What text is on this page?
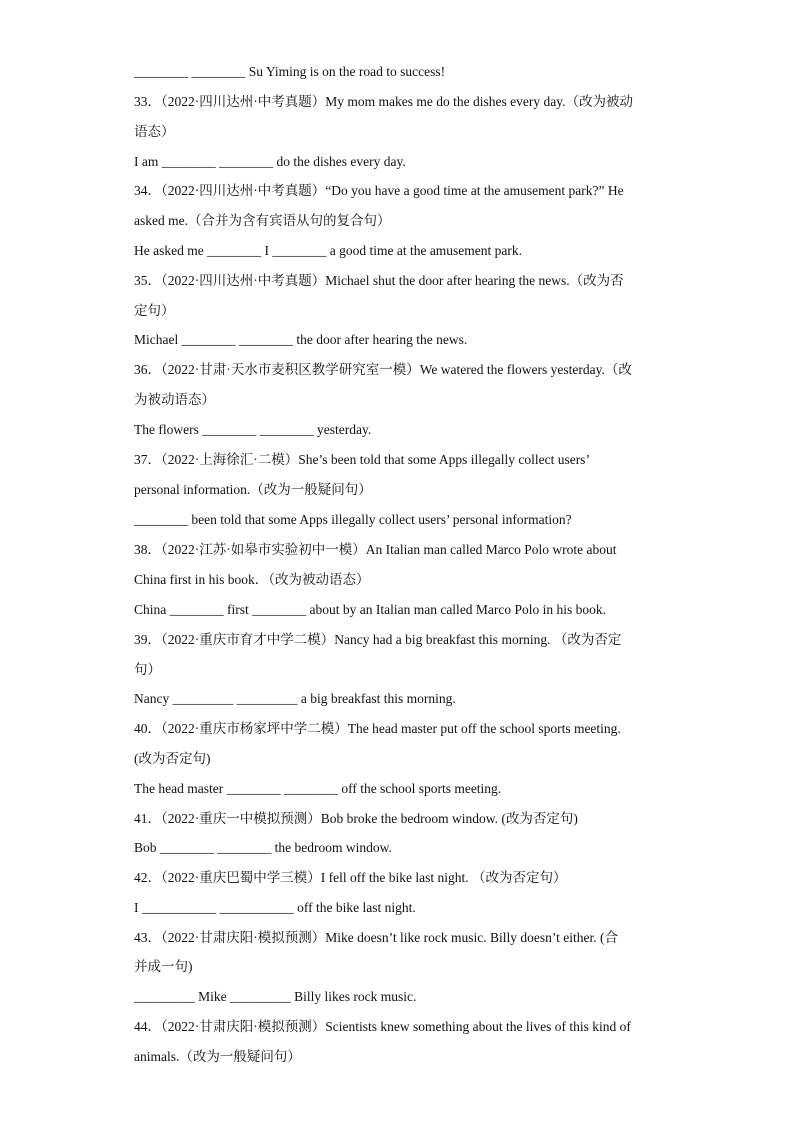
________ ________ Su Yiming is on the road to success!
33．（2022·四川达州·中考真题）My mom makes me do the dishes every day.（改为被动
语态）
I am ________ ________ do the dishes every day.
34．（2022·四川达州·中考真题）“Do you have a good time at the amusement park?” He
asked me.（合并为含有宾语从句的复合句）
He asked me ________ I ________ a good time at the amusement park.
35．（2022·四川达州·中考真题）Michael shut the door after hearing the news.（改为否
定句）
Michael ________ ________ the door after hearing the news.
36．（2022·甘肃·天水市麦积区教学研究室一模）We watered the flowers yesterday.（改
为被动语态）
The flowers ________ ________ yesterday.
37．（2022·上海徐汇·二模）She’s been told that some Apps illegally collect users’
personal information.（改为一般疑问句）
________ been told that some Apps illegally collect users’ personal information?
38．（2022·江苏·如皋市实验初中一模）An Italian man called Marco Polo wrote about
China first in his book．（改为被动语态）
China ________ first ________ about by an Italian man called Marco Polo in his book.
39．（2022·重庆市育才中学二模）Nancy had a big breakfast this morning. （改为否定
句）
Nancy _________ _________ a big breakfast this morning.
40．（2022·重庆市杨家坪中学二模）The head master put off the school sports meeting.
(改为否定句)
The head master ________ ________ off the school sports meeting.
41．（2022·重庆一中模拟预测）Bob broke the bedroom window. (改为否定句)
Bob ________ ________ the bedroom window.
42．（2022·重庆巴蜀中学三模）I fell off the bike last night. （改为否定句）
I ___________ ___________ off the bike last night.
43．（2022·甘肃庆阳·模拟预测）Mike doesn’t like rock music. Billy doesn’t either. (合
并成一句)
_________ Mike _________ Billy likes rock music.
44．（2022·甘肃庆阳·模拟预测）Scientists knew something about the lives of this kind of
animals.（改为一般疑问句）
